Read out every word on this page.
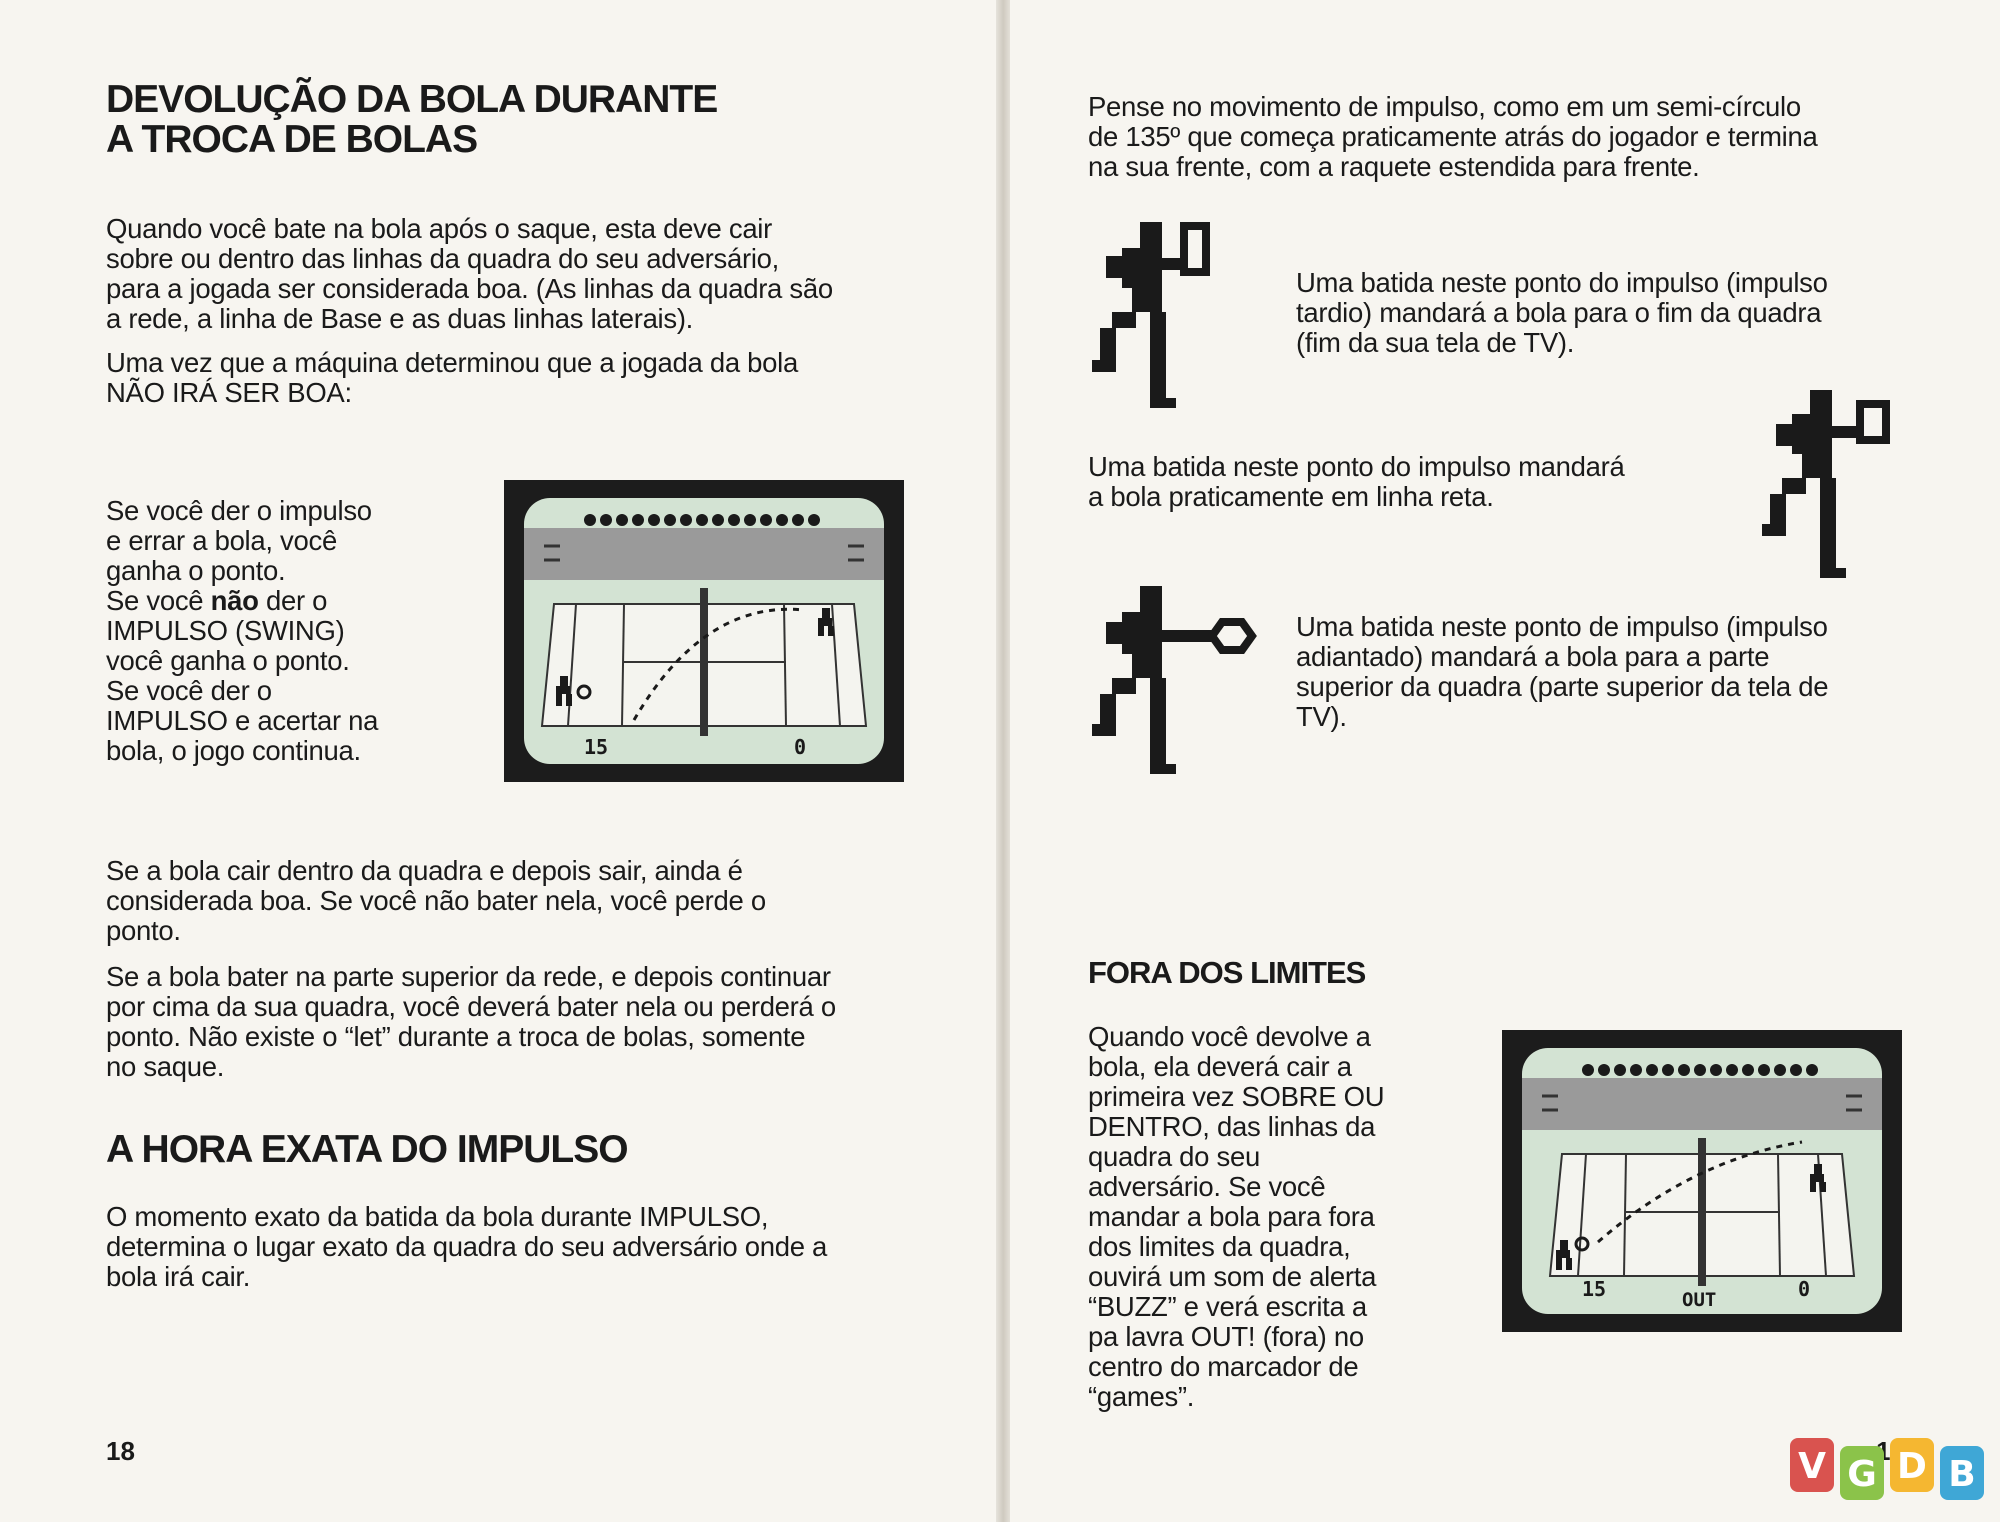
DEVOLUÇÃO DA BOLA DURANTE
A TROCA DE BOLAS
Quando você bate na bola após o saque, esta deve cair
sobre ou dentro das linhas da quadra do seu adversário,
para a jogada ser considerada boa. (As linhas da quadra são
a rede, a linha de Base e as duas linhas laterais).
Uma vez que a máquina determinou que a jogada da bola
NÃO IRÁ SER BOA:
Se você der o impulso
e errar a bola, você
ganha o ponto.
Se você não der o
IMPULSO (SWING)
você ganha o ponto.
Se você der o
IMPULSO e acertar na
bola, o jogo continua.	15	0
Se a bola cair dentro da quadra e depois sair, ainda é
considerada boa. Se você não bater nela, você perde o
ponto.
Se a bola bater na parte superior da rede, e depois continuar
por cima da sua quadra, você deverá bater nela ou perderá o
ponto. Não existe o “let” durante a troca de bolas, somente
no saque.
A HORA EXATA DO IMPULSO
O momento exato da batida da bola durante IMPULSO,
determina o lugar exato da quadra do seu adversário onde a
bola irá cair.
18
Pense no movimento de impulso, como em um semi-círculo
de 135º que começa praticamente atrás do jogador e termina
na sua frente, com a raquete estendida para frente.
Uma batida neste ponto do impulso (impulso
tardio) mandará a bola para o fim da quadra
(fim da sua tela de TV).
Uma batida neste ponto do impulso mandará
a bola praticamente em linha reta.
Uma batida neste ponto de impulso (impulso
adiantado) mandará a bola para a parte
superior da quadra (parte superior da tela de
TV).
FORA DOS LIMITES
Quando você devolve a
bola, ela deverá cair a
primeira vez SOBRE OU
DENTRO, das linhas da
quadra do seu
adversário. Se você
mandar a bola para fora
dos limites da quadra,
ouvirá um som de alerta
“BUZZ” e verá escrita a
pa lavra OUT! (fora) no
centro do marcador de
“games”.
15	OUT	0
V G D B
